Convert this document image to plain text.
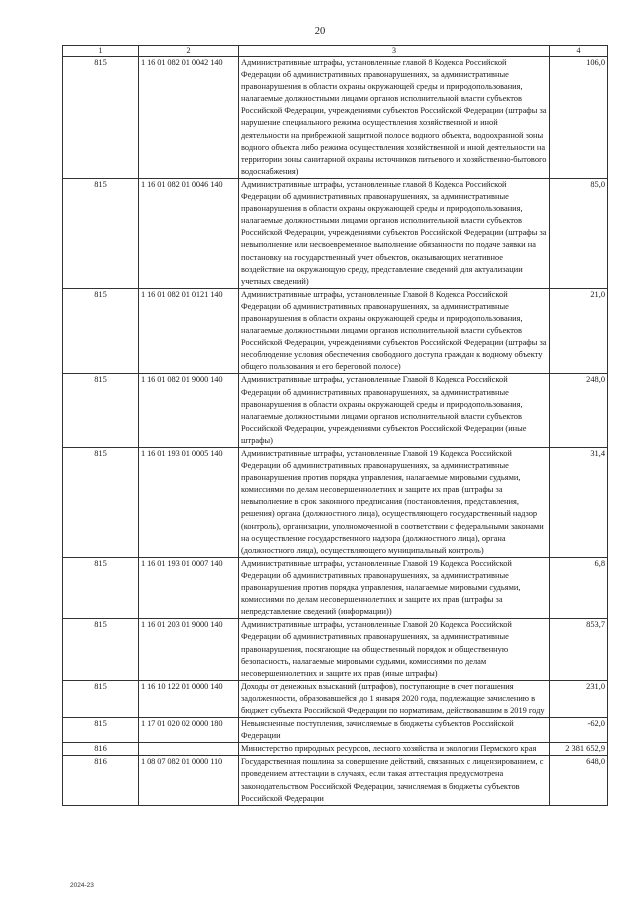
20
1	2	3	4
815	1 16 01 082 01 0042 140	Административные штрафы, установленные главой 8 Кодекса Российской Федерации об административных правонарушениях, за административные правонарушения в области охраны окружающей среды и природопользования, налагаемые должностными лицами органов исполнительной власти субъектов Российской Федерации, учреждениями субъектов Российской Федерации (штрафы за нарушение специального режима осуществления хозяйственной и иной деятельности на прибрежной защитной полосе водного объекта, водоохранной зоны водного объекта либо режима осуществления хозяйственной и иной деятельности на территории зоны санитарной охраны источников питьевого и хозяйственно-бытового водоснабжения)	106,0
815	1 16 01 082 01 0046 140	Административные штрафы, установленные главой 8 Кодекса Российской Федерации об административных правонарушениях, за административные правонарушения в области охраны окружающей среды и природопользования, налагаемые должностными лицами органов исполнительной власти субъектов Российской Федерации, учреждениями субъектов Российской Федерации (штрафы за невыполнение или несвоевременное выполнение обязанности по подаче заявки на постановку на государственный учет объектов, оказывающих негативное воздействие на окружающую среду, представление сведений для актуализации учетных сведений)	85,0
815	1 16 01 082 01 0121 140	Административные штрафы, установленные Главой 8 Кодекса Российской Федерации об административных правонарушениях, за административные правонарушения в области охраны окружающей среды и природопользования, налагаемые должностными лицами органов исполнительной власти субъектов Российской Федерации, учреждениями субъектов Российской Федерации (штрафы за несоблюдение условия обеспечения свободного доступа граждан к водному объекту общего пользования и его береговой полосе)	21,0
815	1 16 01 082 01 9000 140	Административные штрафы, установленные Главой 8 Кодекса Российской Федерации об административных правонарушениях, за административные правонарушения в области охраны окружающей среды и природопользования, налагаемые должностными лицами органов исполнительной власти субъектов Российской Федерации, учреждениями субъектов Российской Федерации (иные штрафы)	248,0
815	1 16 01 193 01 0005 140	Административные штрафы, установленные Главой 19 Кодекса Российской Федерации об административных правонарушениях, за административные правонарушения против порядка управления, налагаемые мировыми судьями, комиссиями по делам несовершеннолетних и защите их прав (штрафы за невыполнение в срок законного предписания (постановления, представления, решения) органа (должностного лица), осуществляющего государственный надзор (контроль), организации, уполномоченной в соответствии с федеральными законами на осуществление государственного надзора (должностного лица), органа (должностного лица), осуществляющего муниципальный контроль)	31,4
815	1 16 01 193 01 0007 140	Административные штрафы, установленные Главой 19 Кодекса Российской Федерации об административных правонарушениях, за административные правонарушения против порядка управления, налагаемые мировыми судьями, комиссиями по делам несовершеннолетних и защите их прав (штрафы за непредставление сведений (информации))	6,8
815	1 16 01 203 01 9000 140	Административные штрафы, установленные Главой 20 Кодекса Российской Федерации об административных правонарушениях, за административные правонарушения, посягающие на общественный порядок и общественную безопасность, налагаемые мировыми судьями, комиссиями по делам несовершеннолетних и защите их прав (иные штрафы)	853,7
815	1 16 10 122 01 0000 140	Доходы от денежных взысканий (штрафов), поступающие в счет погашения задолженности, образовавшейся до 1 января 2020 года, подлежащие зачислению в бюджет субъекта Российской Федерации по нормативам, действовавшим в 2019 году	231,0
815	1 17 01 020 02 0000 180	Невыясненные поступления, зачисляемые в бюджеты субъектов Российской Федерации	-62,0
816		Министерство природных ресурсов, лесного хозяйства и экологии Пермского края	2 381 652,9
816	1 08 07 082 01 0000 110	Государственная пошлина за совершение действий, связанных с лицензированием, с проведением аттестации в случаях, если такая аттестация предусмотрена законодательством Российской Федерации, зачисляемая в бюджеты субъектов Российской Федерации	648,0
2024-23
